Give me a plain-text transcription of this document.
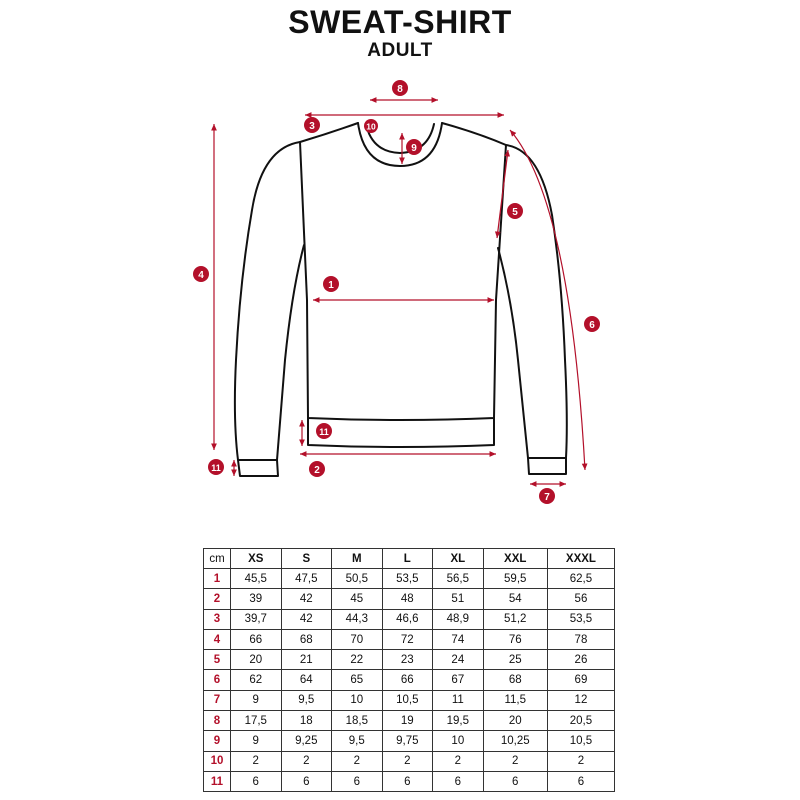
SWEAT-SHIRT
ADULT
8
3	10
9
5
4
1
6
11
11	2
7
cm	XS	S	M	L	XL	XXL	XXXL
1	45,5	47,5	50,5	53,5	56,5	59,5	62,5
2	39	42	45	48	51	54	56
3	39,7	42	44,3	46,6	48,9	51,2	53,5
4	66	68	70	72	74	76	78
5	20	21	22	23	24	25	26
6	62	64	65	66	67	68	69
7	9	9,5	10	10,5	11	11,5	12
8	17,5	18	18,5	19	19,5	20	20,5
9	9	9,25	9,5	9,75	10	10,25	10,5
10	2	2	2	2	2	2	2
11	6	6	6	6	6	6	6
